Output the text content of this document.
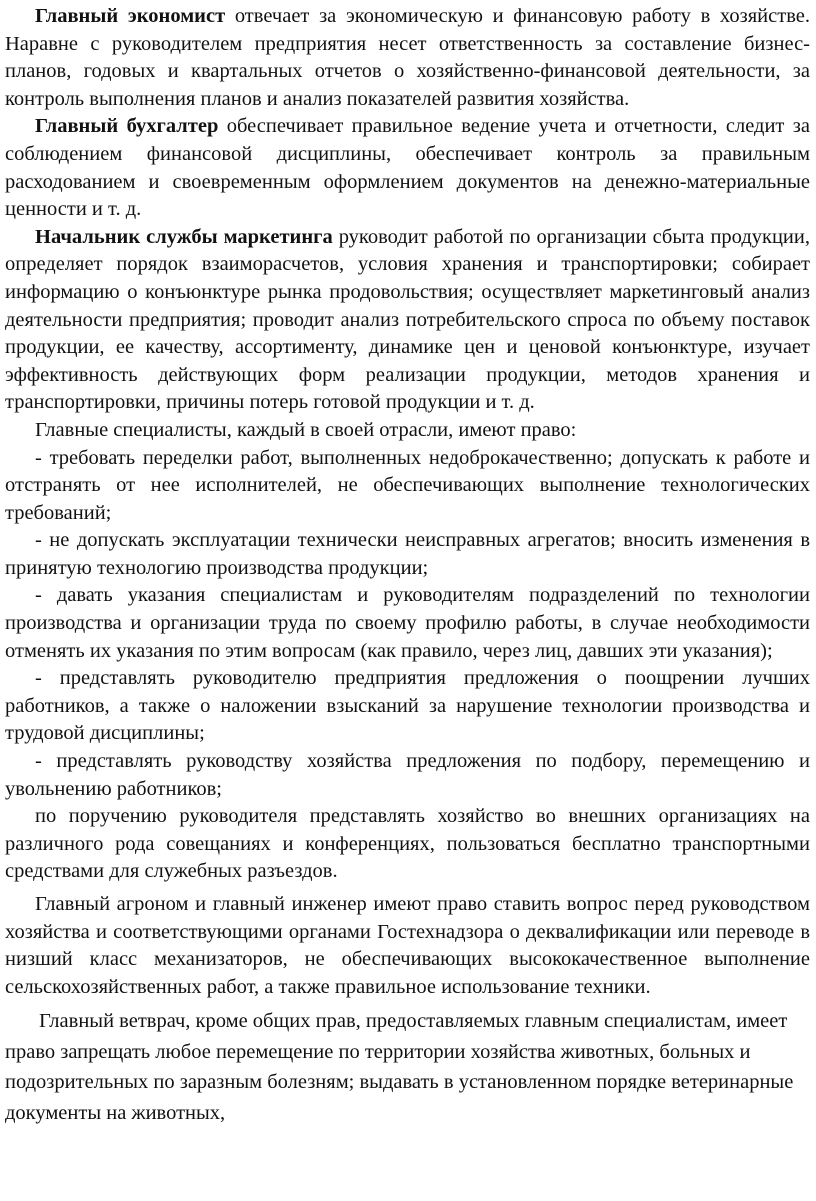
Главный экономист отвечает за экономическую и финансовую работу в хозяйстве. Наравне с руководителем предприятия несет ответственность за составление бизнес-планов, годовых и квартальных отчетов о хозяйственно-финансовой деятельности, за контроль выполнения планов и анализ показателей развития хозяйства.

Главный бухгалтер обеспечивает правильное ведение учета и отчетности, следит за соблюдением финансовой дисциплины, обеспечивает контроль за правильным расходованием и своевременным оформлением документов на денежно-материальные ценности и т. д.

Начальник службы маркетинга руководит работой по организации сбыта продукции, определяет порядок взаиморасчетов, условия хранения и транспортировки; собирает информацию о конъюнктуре рынка продовольствия; осуществляет маркетинговый анализ деятельности предприятия; проводит анализ потребительского спроса по объему поставок продукции, ее качеству, ассортименту, динамике цен и ценовой конъюнктуре, изучает эффективность действующих форм реализации продукции, методов хранения и транспортировки, причины потерь готовой продукции и т. д.

Главные специалисты, каждый в своей отрасли, имеют право:

- требовать переделки работ, выполненных недоброкачественно; допускать к работе и отстранять от нее исполнителей, не обеспечивающих выполнение технологических требований;

- не допускать эксплуатации технически неисправных агрегатов; вносить изменения в принятую технологию производства продукции;

- давать указания специалистам и руководителям подразделений по технологии производства и организации труда по своему профилю работы, в случае необходимости отменять их указания по этим вопросам (как правило, через лиц, давших эти указания);

- представлять руководителю предприятия предложения о поощрении лучших работников, а также о наложении взысканий за нарушение технологии производства и трудовой дисциплины;

- представлять руководству хозяйства предложения по подбору, перемещению и увольнению работников;

по поручению руководителя представлять хозяйство во внешних организациях на различного рода совещаниях и конференциях, пользоваться бесплатно транспортными средствами для служебных разъездов.

Главный агроном и главный инженер имеют право ставить вопрос перед руководством хозяйства и соответствующими органами Гостехнадзора о деквалификации или переводе в низший класс механизаторов, не обеспечивающих высококачественное выполнение сельскохозяйственных работ, а также правильное использование техники.

Главный ветврач, кроме общих прав, предоставляемых главным специалистам, имеет право запрещать любое перемещение по территории хозяйства животных, больных и подозрительных по заразным болезням; выдавать в установленном порядке ветеринарные документы на животных,
